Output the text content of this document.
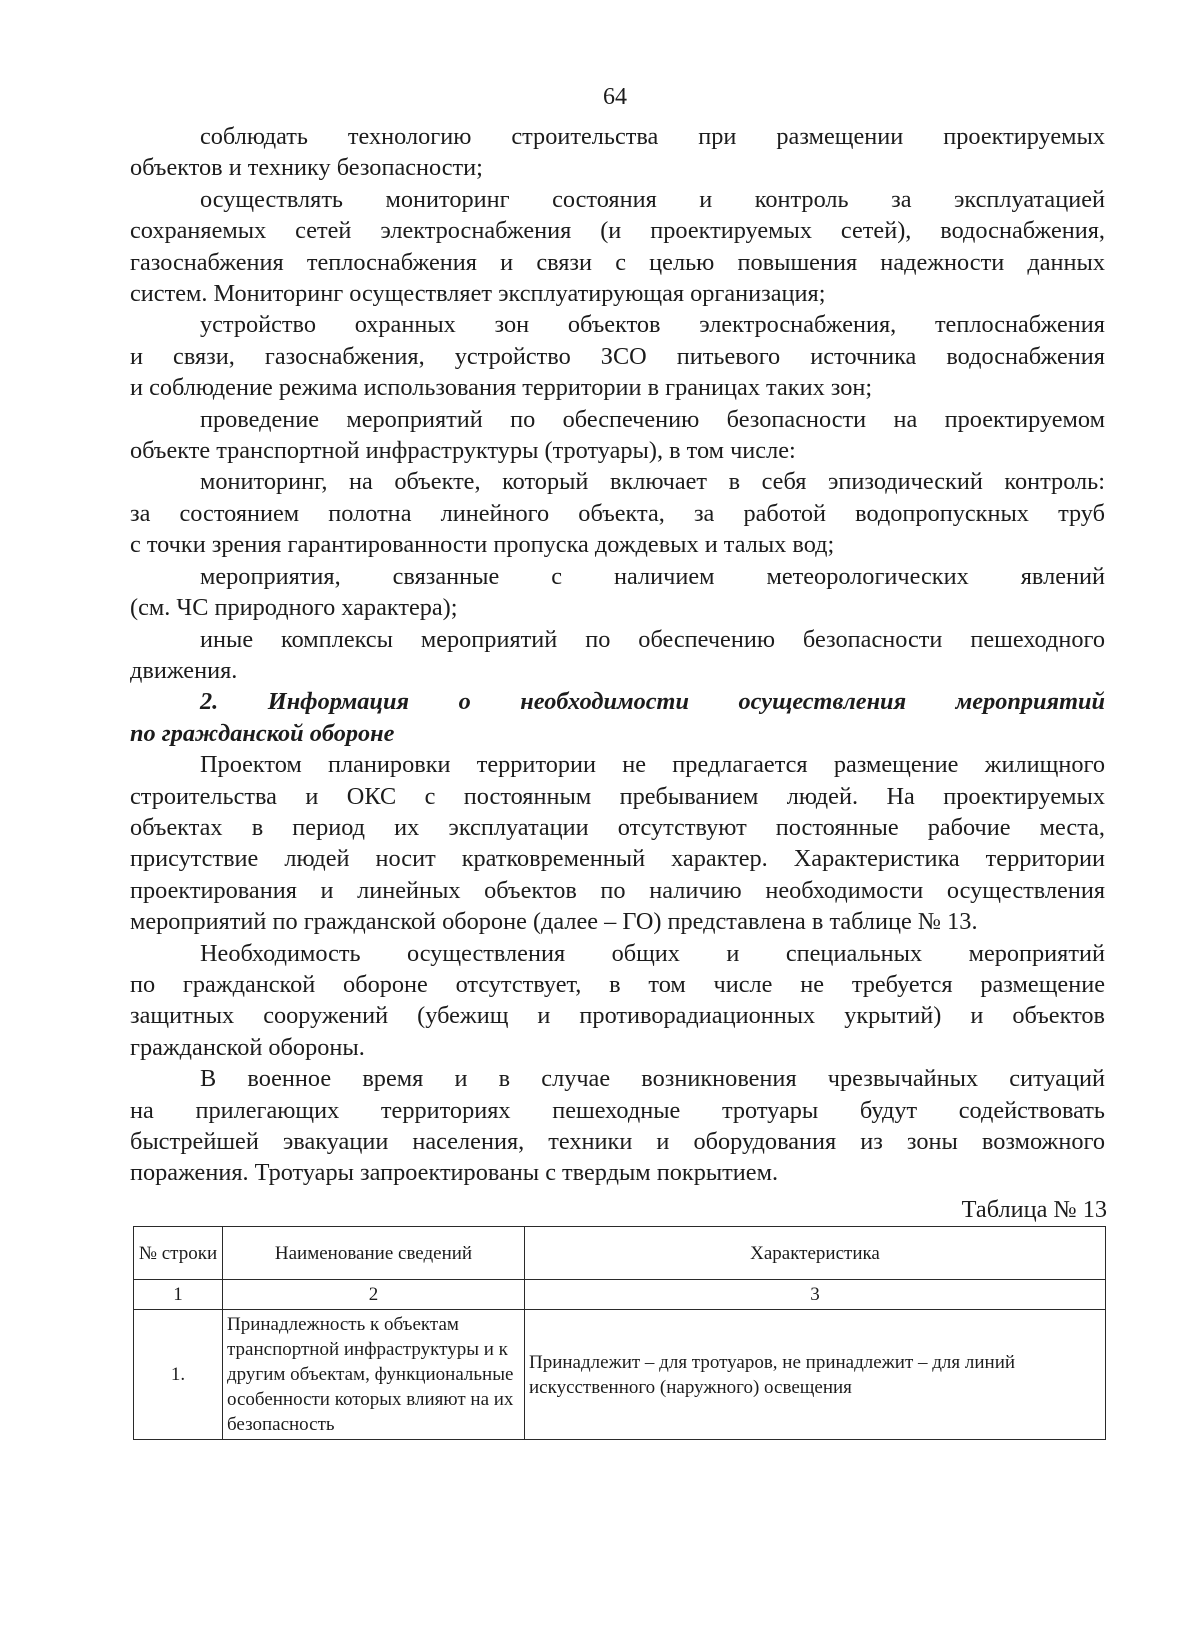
64

соблюдать технологию строительства при размещении проектируемых

объектов и технику безопасности;

осуществлять мониторинг состояния и контроль за эксплуатацией

сохраняемых сетей электроснабжения (и проектируемых сетей), водоснабжения,

газоснабжения теплоснабжения и связи с целью повышения надежности данных

систем. Мониторинг осуществляет эксплуатирующая организация;

устройство охранных зон объектов электроснабжения, теплоснабжения

и связи, газоснабжения, устройство ЗСО питьевого источника водоснабжения

и соблюдение режима использования территории в границах таких зон;

проведение мероприятий по обеспечению безопасности на проектируемом

объекте транспортной инфраструктуры (тротуары), в том числе:

мониторинг, на объекте, который включает в себя эпизодический контроль:

за состоянием полотна линейного объекта, за работой водопропускных труб

с точки зрения гарантированности пропуска дождевых и талых вод;

мероприятия, связанные с наличием метеорологических явлений

(см. ЧС природного характера);

иные комплексы мероприятий по обеспечению безопасности пешеходного

движения.

2. Информация о необходимости осуществления мероприятий

по гражданской обороне

Проектом планировки территории не предлагается размещение жилищного

строительства и ОКС с постоянным пребыванием людей. На проектируемых

объектах в период их эксплуатации отсутствуют постоянные рабочие места,

присутствие людей носит кратковременный характер. Характеристика территории

проектирования и линейных объектов по наличию необходимости осуществления

мероприятий по гражданской обороне (далее – ГО) представлена в таблице № 13.

Необходимость осуществления общих и специальных мероприятий

по гражданской обороне отсутствует, в том числе не требуется размещение

защитных сооружений (убежищ и противорадиационных укрытий) и объектов

гражданской обороны.

В военное время и в случае возникновения чрезвычайных ситуаций

на прилегающих территориях пешеходные тротуары будут содействовать

быстрейшей эвакуации населения, техники и оборудования из зоны возможного

поражения. Тротуары запроектированы с твердым покрытием.

Таблица № 13
№ строки	Наименование сведений	Характеристика
1	2	3
1.	Принадлежность к объектам транспортной инфраструктуры и к другим объектам, функциональные особенности которых влияют на их безопасность	Принадлежит – для тротуаров, не принадлежит – для линий искусственного (наружного) освещения
